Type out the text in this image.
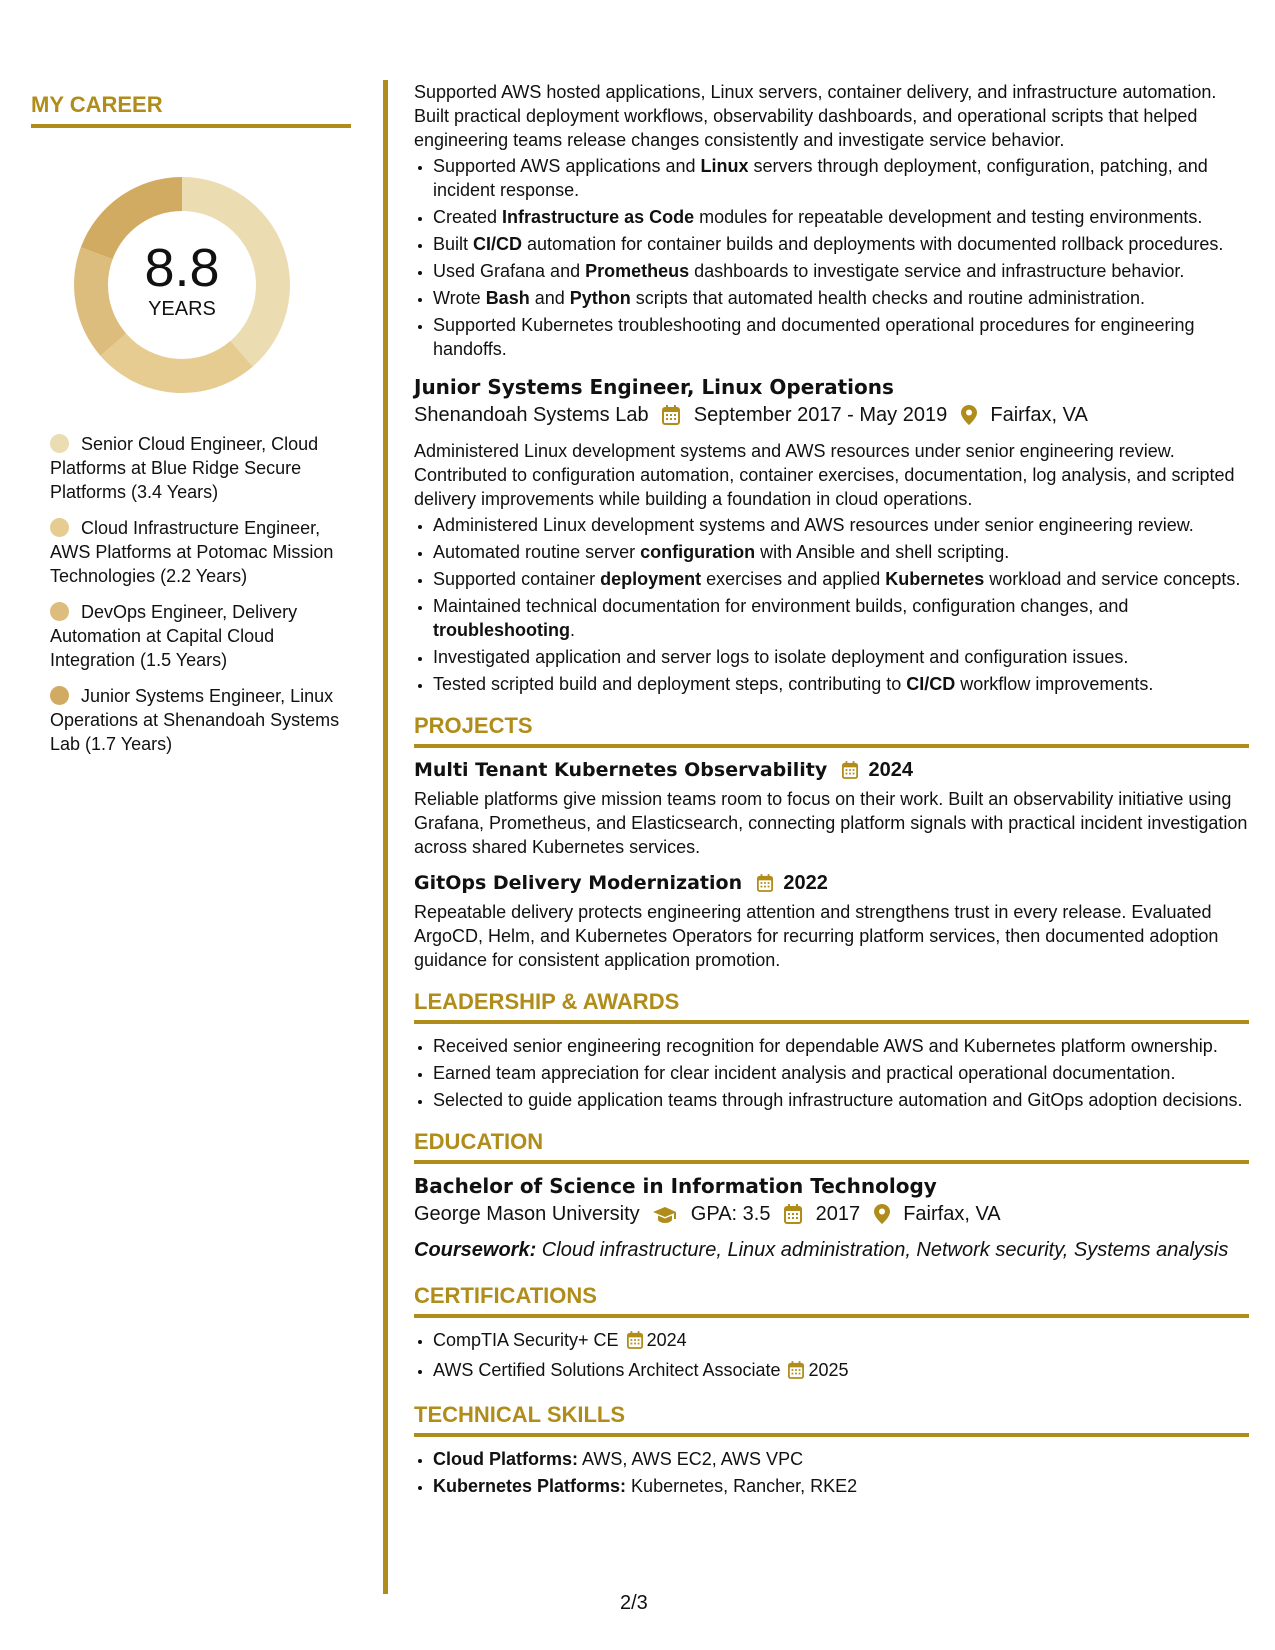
MY CAREER
8.8
YEARS
Senior Cloud Engineer, Cloud Platforms at Blue Ridge Secure Platforms (3.4 Years)
Cloud Infrastructure Engineer, AWS Platforms at Potomac Mission Technologies (2.2 Years)
DevOps Engineer, Delivery Automation at Capital Cloud Integration (1.5 Years)
Junior Systems Engineer, Linux Operations at Shenandoah Systems Lab (1.7 Years)

Supported AWS hosted applications, Linux servers, container delivery, and infrastructure automation. Built practical deployment workflows, observability dashboards, and operational scripts that helped engineering teams release changes consistently and investigate service behavior.

• Supported AWS applications and Linux servers through deployment, configuration, patching, and incident response.
• Created Infrastructure as Code modules for repeatable development and testing environments.
• Built CI/CD automation for container builds and deployments with documented rollback procedures.
• Used Grafana and Prometheus dashboards to investigate service and infrastructure behavior.
• Wrote Bash and Python scripts that automated health checks and routine administration.
• Supported Kubernetes troubleshooting and documented operational procedures for engineering handoffs.
Junior Systems Engineer, Linux Operations
Shenandoah Systems Lab September 2017 - May 2019 Fairfax, VA

Administered Linux development systems and AWS resources under senior engineering review. Contributed to configuration automation, container exercises, documentation, log analysis, and scripted delivery improvements while building a foundation in cloud operations.

• Administered Linux development systems and AWS resources under senior engineering review.
• Automated routine server configuration with Ansible and shell scripting.
• Supported container deployment exercises and applied Kubernetes workload and service concepts.
• Maintained technical documentation for environment builds, configuration changes, and troubleshooting.
• Investigated application and server logs to isolate deployment and configuration issues.
• Tested scripted build and deployment steps, contributing to CI/CD workflow improvements.
PROJECTS
Multi Tenant Kubernetes Observability 2024

Reliable platforms give mission teams room to focus on their work. Built an observability initiative using Grafana, Prometheus, and Elasticsearch, connecting platform signals with practical incident investigation across shared Kubernetes services.

GitOps Delivery Modernization 2022

Repeatable delivery protects engineering attention and strengthens trust in every release. Evaluated ArgoCD, Helm, and Kubernetes Operators for recurring platform services, then documented adoption guidance for consistent application promotion.

LEADERSHIP & AWARDS
• Received senior engineering recognition for dependable AWS and Kubernetes platform ownership.
• Earned team appreciation for clear incident analysis and practical operational documentation.
• Selected to guide application teams through infrastructure automation and GitOps adoption decisions.
EDUCATION
Bachelor of Science in Information Technology
George Mason University	GPA: 3.5 2017 Fairfax, VA
Coursework: Cloud infrastructure, Linux administration, Network security, Systems analysis
CERTIFICATIONS
• CompTIA Security+ CE 2024
• AWS Certified Solutions Architect Associate 2025
TECHNICAL SKILLS
• Cloud Platforms: AWS, AWS EC2, AWS VPC
• Kubernetes Platforms: Kubernetes, Rancher, RKE2
2/3
